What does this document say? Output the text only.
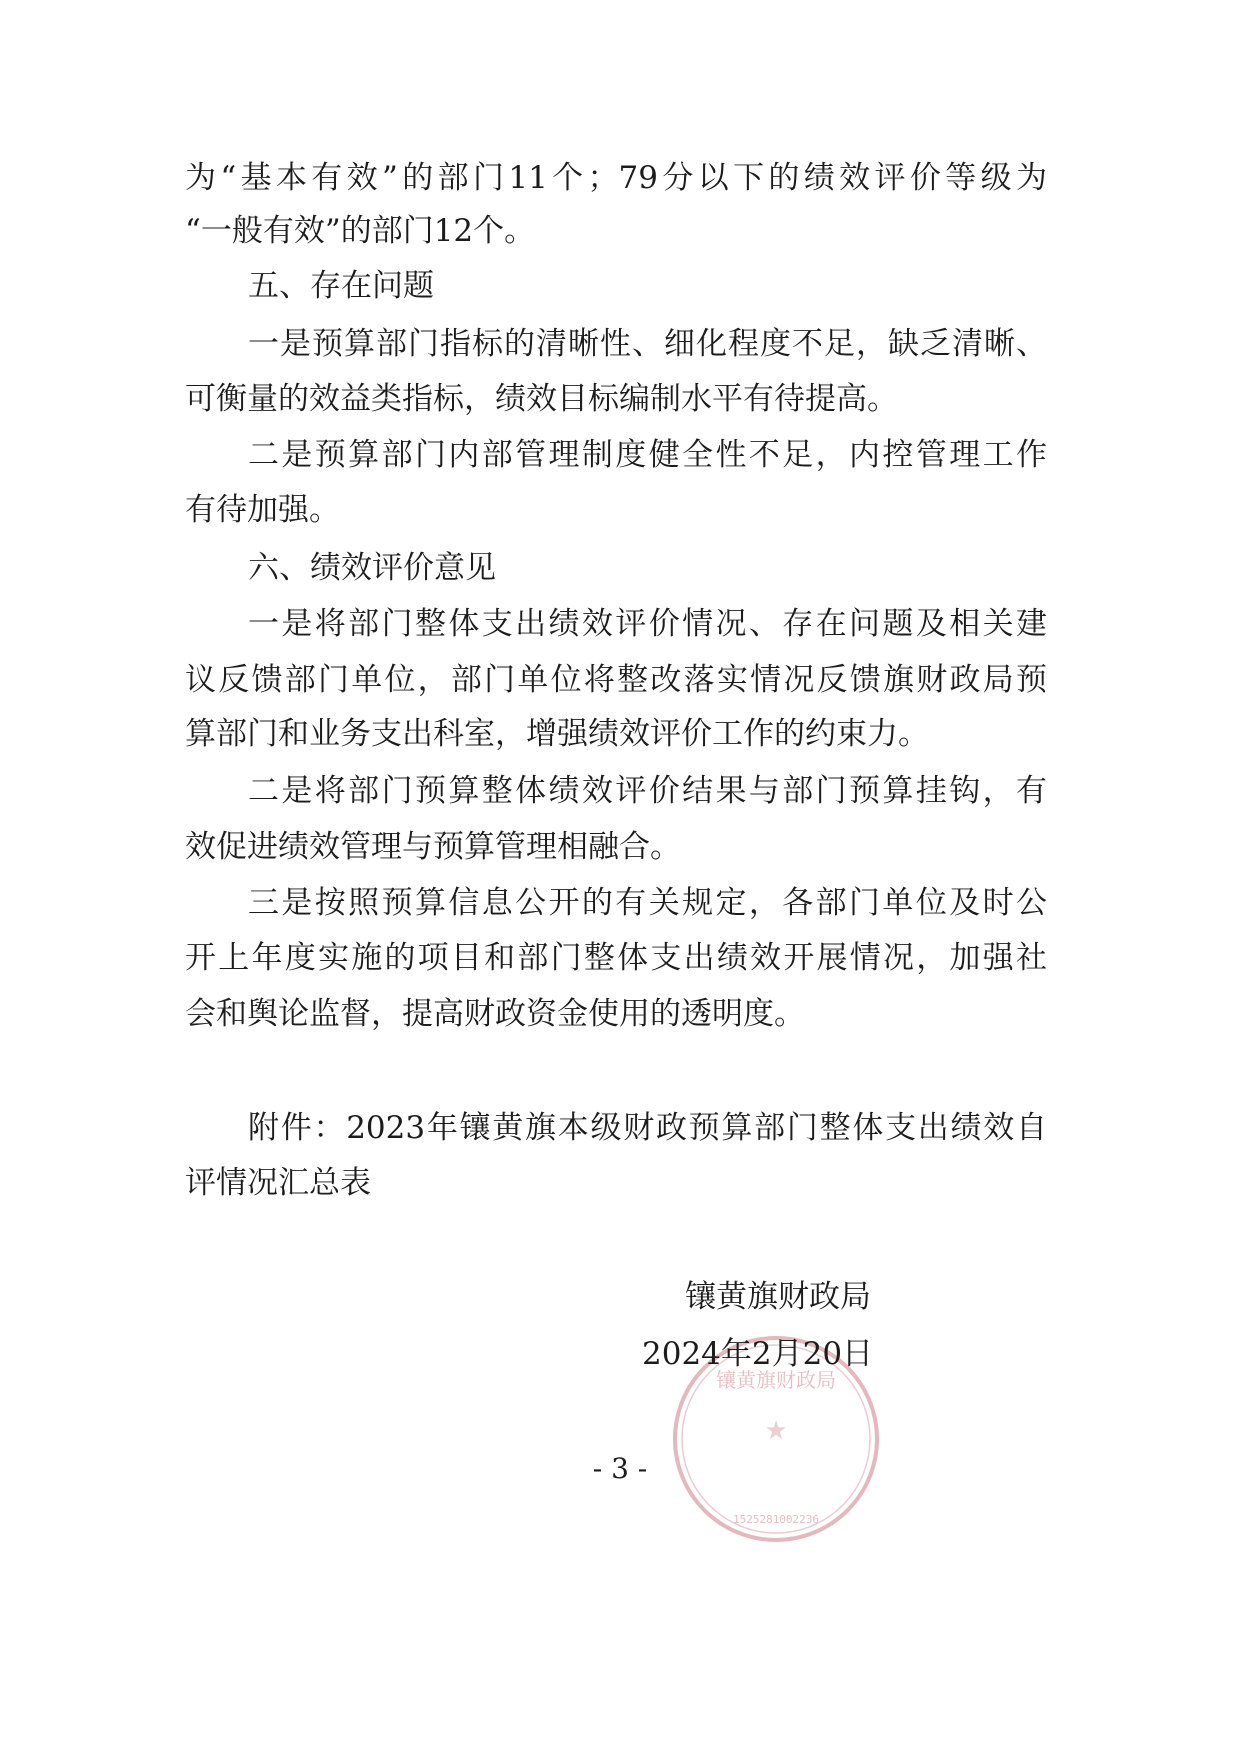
为“基本有效”的部门11个；79分以下的绩效评价等级为

“一般有效”的部门12个。

五、存在问题

一是预算部门指标的清晰性、细化程度不足，缺乏清晰、

可衡量的效益类指标，绩效目标编制水平有待提高。

二是预算部门内部管理制度健全性不足，内控管理工作

有待加强。

六、绩效评价意见

一是将部门整体支出绩效评价情况、存在问题及相关建

议反馈部门单位，部门单位将整改落实情况反馈旗财政局预

算部门和业务支出科室，增强绩效评价工作的约束力。

二是将部门预算整体绩效评价结果与部门预算挂钩，有

效促进绩效管理与预算管理相融合。

三是按照预算信息公开的有关规定，各部门单位及时公

开上年度实施的项目和部门整体支出绩效开展情况，加强社

会和舆论监督，提高财政资金使用的透明度。

附件：2023年镶黄旗本级财政预算部门整体支出绩效自

评情况汇总表

镶黄旗财政局
★
1525281002236

镶黄旗财政局

2024年2月20日

- 3 -
